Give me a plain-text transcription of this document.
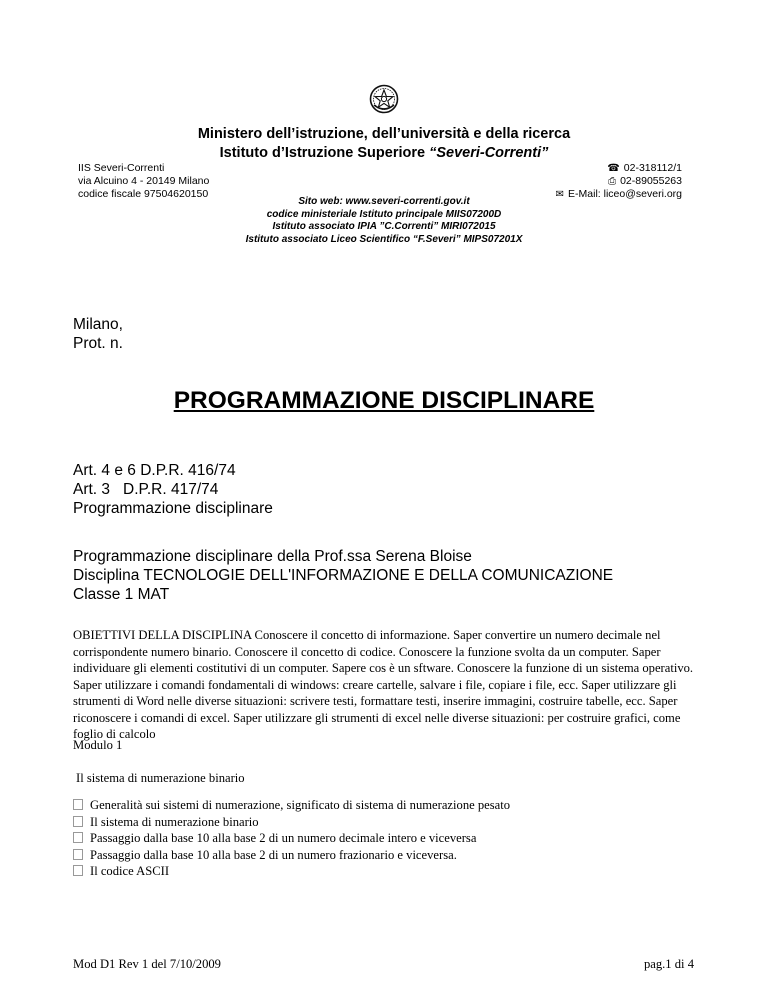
Ministero dell’istruzione, dell’università e della ricerca
Istituto d’Istruzione Superiore “Severi-Correnti”
IIS Severi-Correnti
via Alcuino 4 - 20149 Milano
codice fiscale 97504620150
☎ 02-318112/1
⎙ 02-89055263
✉ E-Mail: liceo@severi.org
Sito web: www.severi-correnti.gov.it
codice ministeriale Istituto principale MIIS07200D
Istituto associato IPIA ”C.Correnti” MIRI072015
Istituto associato Liceo Scientifico “F.Severi” MIPS07201X
Milano,
Prot. n.
PROGRAMMAZIONE DISCIPLINARE
Art. 4 e 6 D.P.R. 416/74
Art. 3 D.P.R. 417/74
Programmazione disciplinare
Programmazione disciplinare della Prof.ssa Serena Bloise
Disciplina TECNOLOGIE DELL'INFORMAZIONE E DELLA COMUNICAZIONE
Classe 1 MAT
OBIETTIVI DELLA DISCIPLINA Conoscere il concetto di informazione. Saper convertire un numero decimale nel corrispondente numero binario. Conoscere il concetto di codice. Conoscere la funzione svolta da un computer. Saper individuare gli elementi costitutivi di un computer. Sapere cos è un sftware. Conoscere la funzione di un sistema operativo. Saper utilizzare i comandi fondamentali di windows: creare cartelle, salvare i file, copiare i file, ecc. Saper utilizzare gli strumenti di Word nelle diverse situazioni: scrivere testi, formattare testi, inserire immagini, costruire tabelle, ecc. Saper riconoscere i comandi di excel. Saper utilizzare gli strumenti di excel nelle diverse situazioni: per costruire grafici, come foglio di calcolo
Modulo 1
Il sistema di numerazione binario
Generalità sui sistemi di numerazione, significato di sistema di numerazione pesato
Il sistema di numerazione binario
Passaggio dalla base 10 alla base 2 di un numero decimale intero e viceversa
Passaggio dalla base 10 alla base 2 di un numero frazionario e viceversa.
Il codice ASCII
Mod D1 Rev 1 del 7/10/2009	pag.1 di 4
